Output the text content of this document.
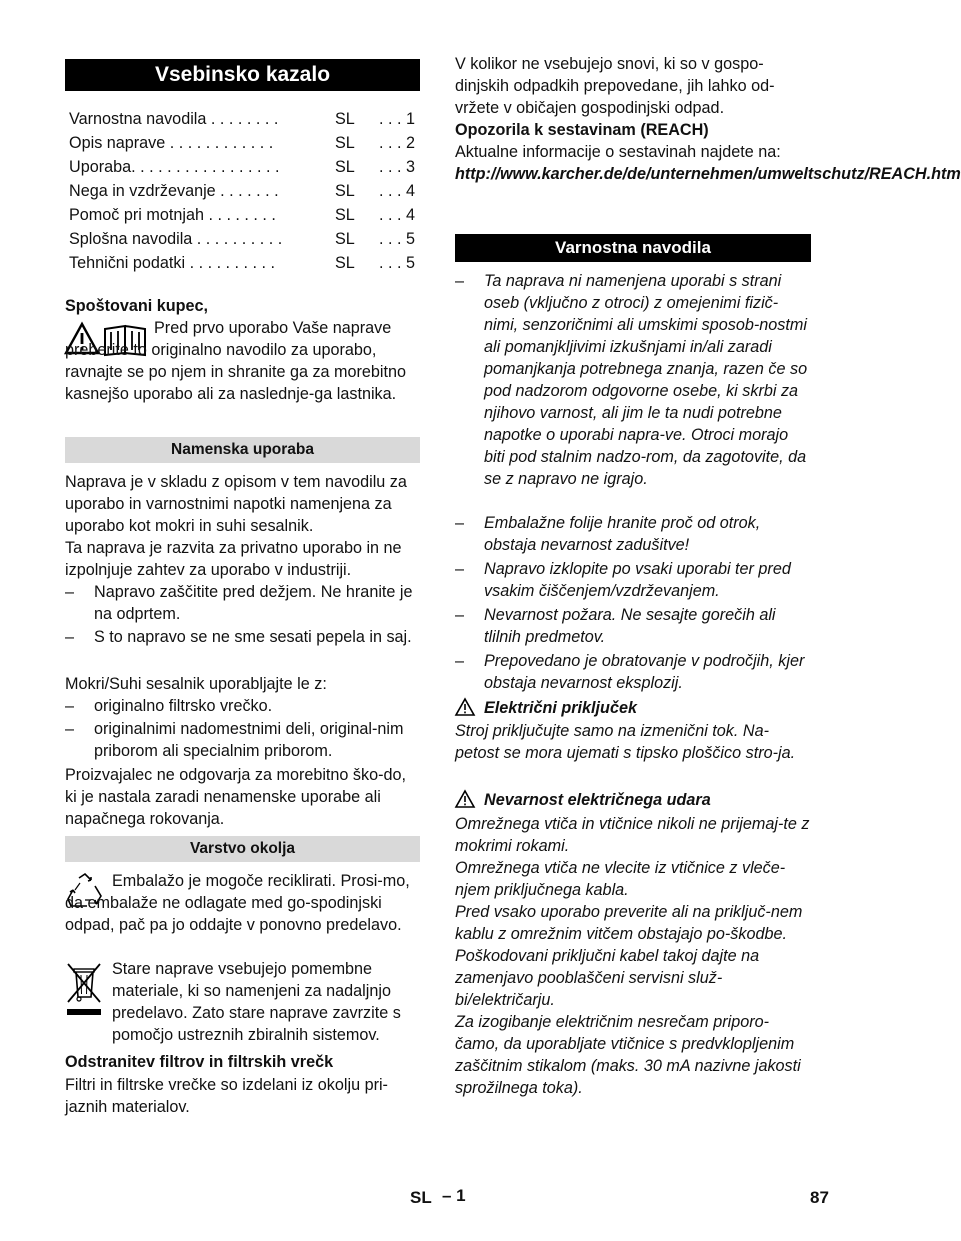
Vsebinsko kazalo
Varnostna navodila . . . . . . . .	SL . . . 1
Opis naprave . . . . . . . . . . . .	SL . . . 2
Uporaba. . . . . . . . . . . . . . . . .	SL . . . 3
Nega in vzdrževanje . . . . . . .	SL . . . 4
Pomoč pri motnjah . . . . . . . .	SL . . . 4
Splošna navodila . . . . . . . . . .	SL . . . 5
Tehnični podatki . . . . . . . . . .	SL . . . 5
Spoštovani kupec,
Pred prvo uporabo Vaše naprave preberite to originalno navodilo za uporabo, ravnajte se po njem in shranite ga za morebitno kasnejšo uporabo ali za naslednje-ga lastnika.
Namenska uporaba
Naprava je v skladu z opisom v tem navodilu za uporabo in varnostnimi napotki namenjena za uporabo kot mokri in suhi sesalnik.
Ta naprava je razvita za privatno uporabo in ne izpolnjuje zahtev za uporabo v industriji.
– Napravo zaščitite pred dežjem. Ne hranite je na odprtem.
– S to napravo se ne sme sesati pepela in saj.
Mokri/Suhi sesalnik uporabljajte le z:
– originalno filtrsko vrečko.
– originalnimi nadomestnimi deli, original-nim priborom ali specialnim priborom.
Proizvajalec ne odgovarja za morebitno ško-do, ki je nastala zaradi nenamenske uporabe ali napačnega rokovanja.
Varstvo okolja
Embalažo je mogoče reciklirati. Prosi-mo, da embalaže ne odlagate med go-spodinjski odpad, pač pa jo oddajte v ponovno predelavo.
Stare naprave vsebujejo pomembne materiale, ki so namenjeni za nadaljnjo predelavo. Zato stare naprave zavrzite s pomočjo ustreznih zbiralnih sistemov.
Odstranitev filtrov in filtrskih vrečk
Filtri in filtrske vrečke so izdelani iz okolju pri-jaznih materialov.
V kolikor ne vsebujejo snovi, ki so v gospo-dinjskih odpadkih prepovedane, jih lahko od-vržete v običajen gospodinjski odpad.
Opozorila k sestavinam (REACH)
Aktualne informacije o sestavinah najdete na:
http://www.karcher.de/de/unternehmen/umweltschutz/REACH.htm
Varnostna navodila
– Ta naprava ni namenjena uporabi s strani oseb (vključno z otroci) z omejenimi fizič-nimi, senzoričnimi ali umskimi sposob-nostmi ali pomanjkljivimi izkušnjami in/ali zaradi pomanjkanja potrebnega znanja, razen če so pod nadzorom odgovorne osebe, ki skrbi za njihovo varnost, ali jim le ta nudi potrebne napotke o uporabi napra-ve. Otroci morajo biti pod stalnim nadzo-rom, da zagotovite, da se z napravo ne igrajo.
– Embalažne folije hranite proč od otrok, obstaja nevarnost zadušitve!
– Napravo izklopite po vsaki uporabi ter pred vsakim čiščenjem/vzdrževanjem.
– Nevarnost požara. Ne sesajte gorečih ali tlilnih predmetov.
– Prepovedano je obratovanje v področjih, kjer obstaja nevarnost eksplozij.
Električni priključek
Stroj priključujte samo na izmenični tok. Na-petost se mora ujemati s tipsko ploščico stro-ja.
Nevarnost električnega udara
Omrežnega vtiča in vtičnice nikoli ne prijemaj-te z mokrimi rokami.
Omrežnega vtiča ne vlecite iz vtičnice z vleče-njem priključnega kabla.
Pred vsako uporabo preverite ali na priključ-nem kablu z omrežnim vitčem obstajajo po-škodbe. Poškodovani priključni kabel takoj dajte na zamenjavo pooblaščeni servisni služ-bi/električarju.
Za izogibanje električnim nesrečam priporo-čamo, da uporabljate vtičnice s predvklopljenim zaščitnim stikalom (maks. 30 mA nazivne jakosti sprožilnega toka).
SL – 1	87
